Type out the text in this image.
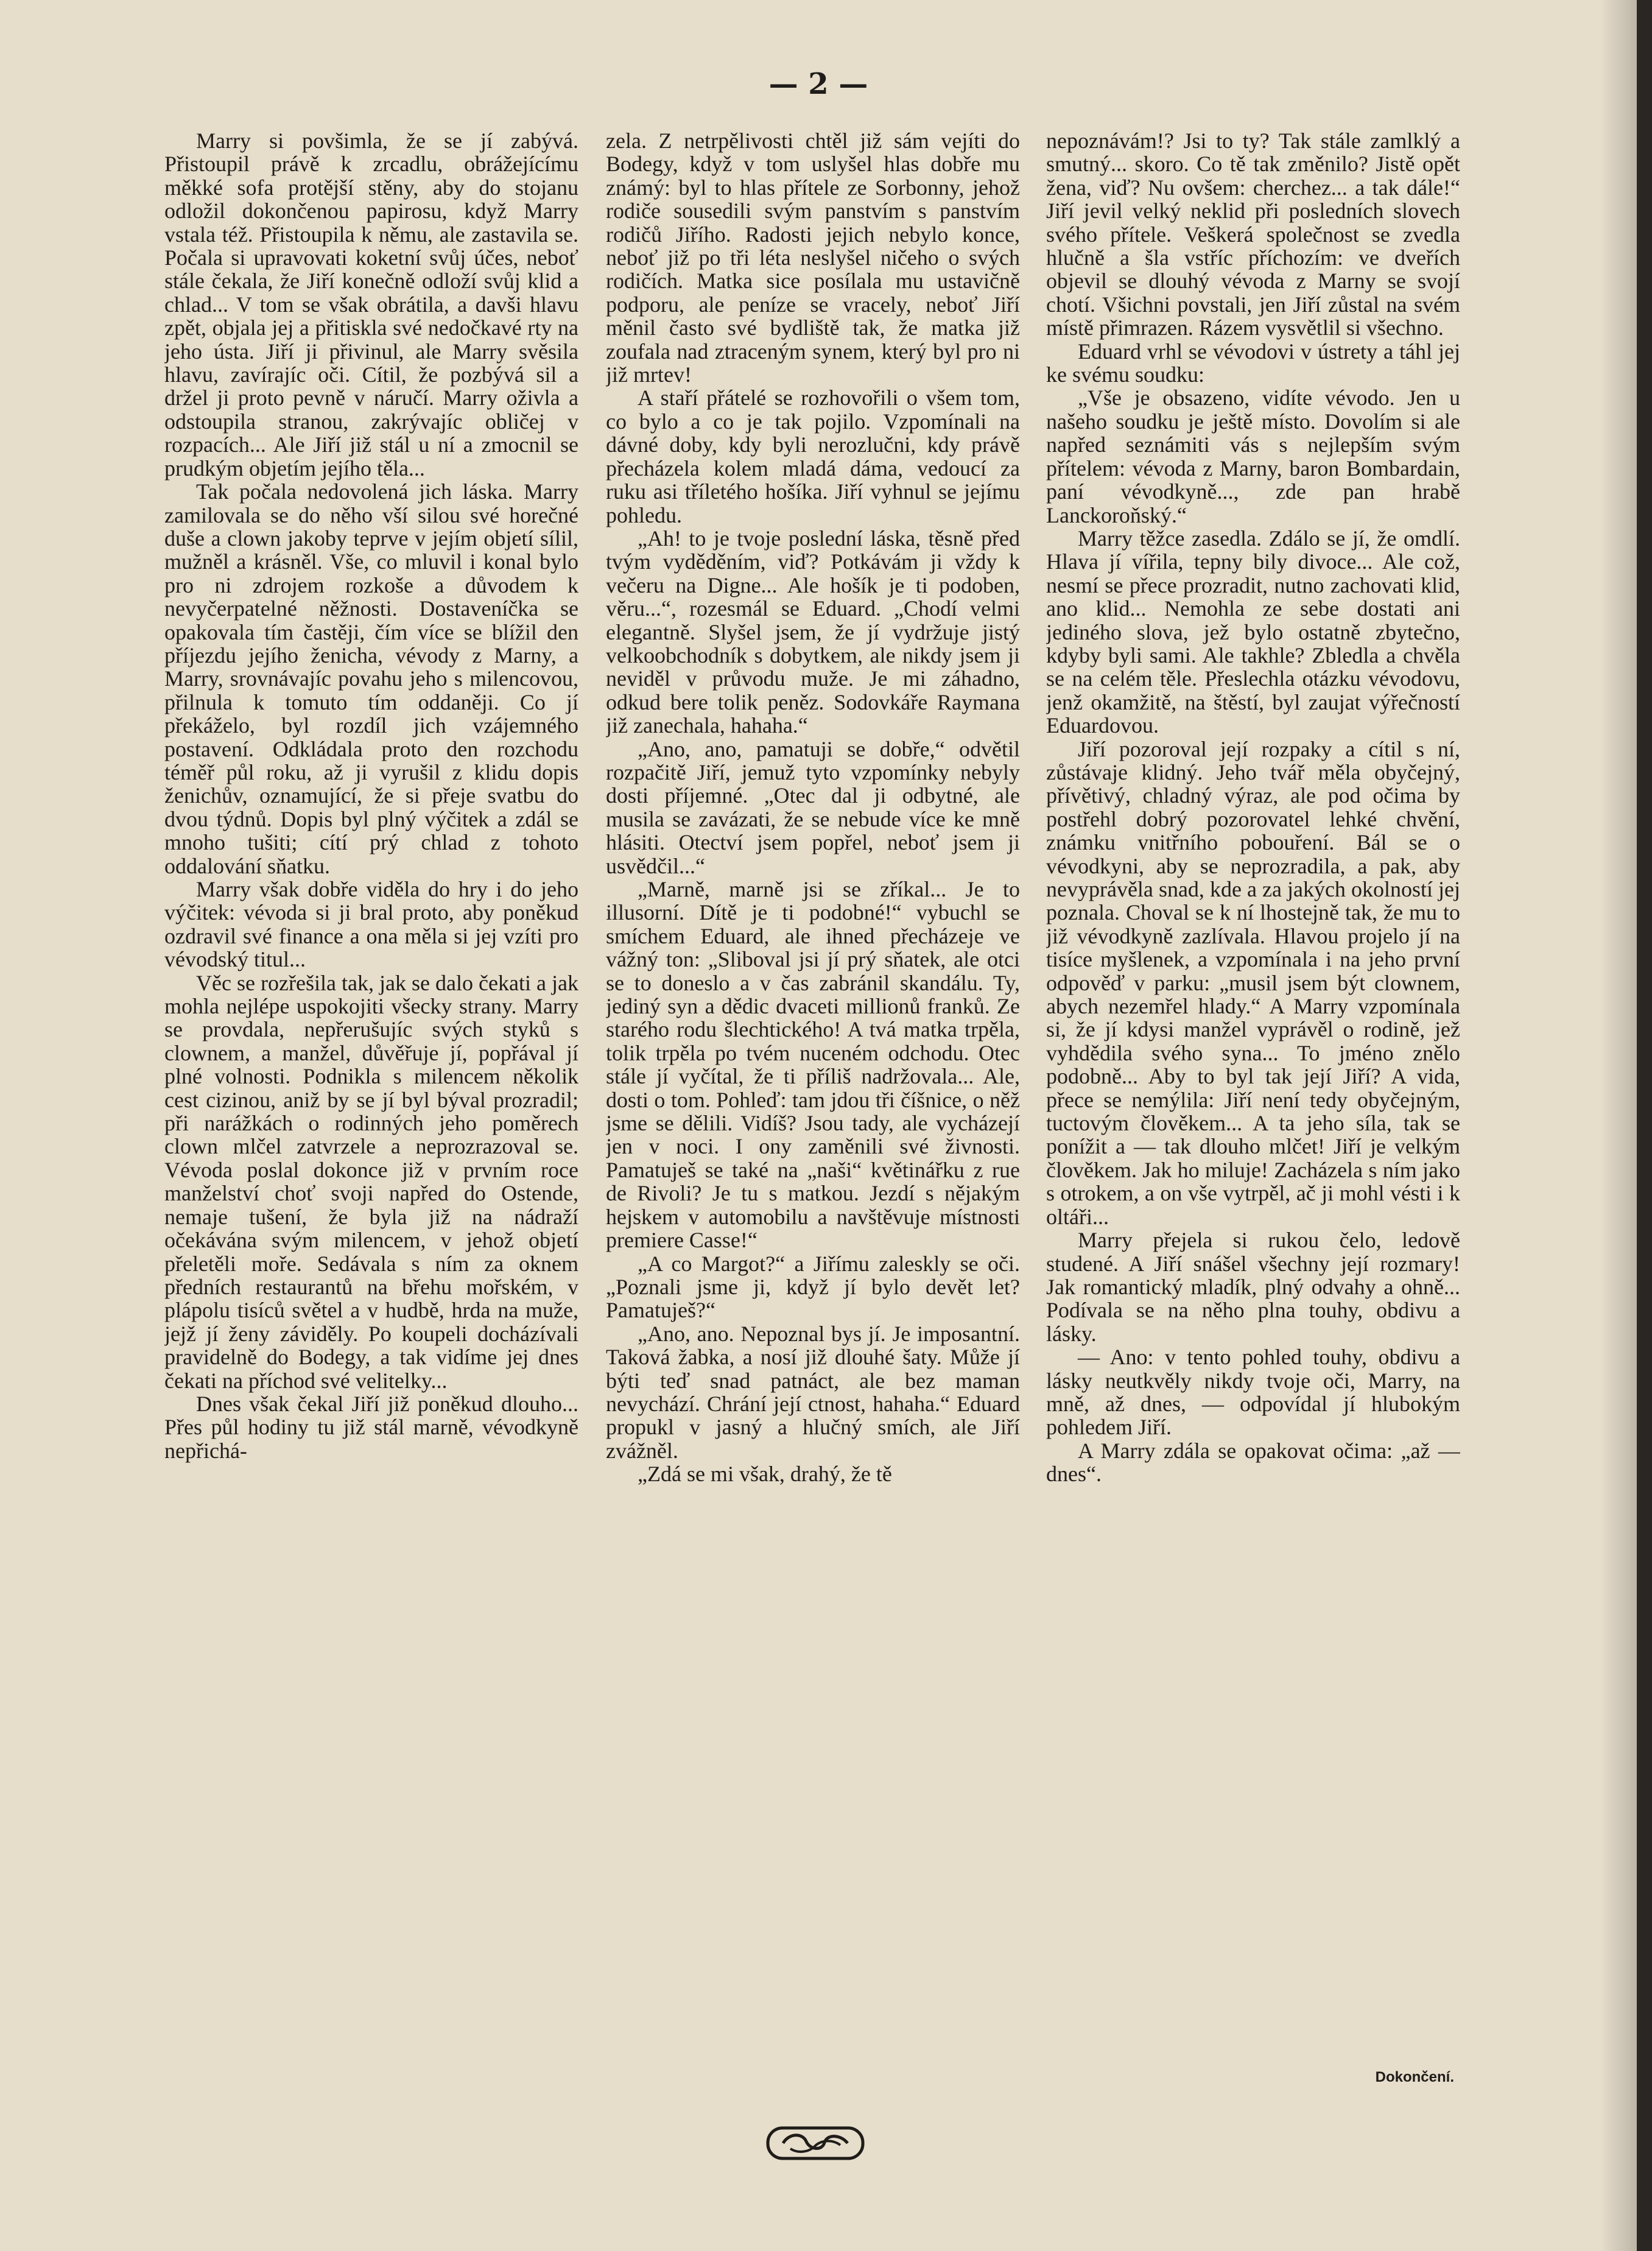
— 2 —

Marry si povšimla, že se jí zabývá. Přistoupil právě k zrcadlu, obrážejícímu měkké sofa protější stěny, aby do stojanu odložil dokončenou papirosu, když Marry vstala též. Přistoupila k němu, ale zastavila se. Počala si upravovati koketní svůj účes, neboť stále čekala, že Jiří konečně odloží svůj klid a chlad... V tom se však obrátila, a davši hlavu zpět, objala jej a přitiskla své nedočkavé rty na jeho ústa. Jiří ji přivinul, ale Marry svěsila hlavu, zavírajíc oči. Cítil, že pozbývá sil a držel ji proto pevně v náručí. Marry oživla a odstoupila stranou, zakrývajíc obličej v rozpacích... Ale Jiří již stál u ní a zmocnil se prudkým objetím jejího těla...

Tak počala nedovolená jich láska. Marry zamilovala se do něho vší silou své horečné duše a clown jakoby teprve v jejím objetí sílil, mužněl a krásněl. Vše, co mluvil i konal bylo pro ni zdrojem rozkoše a důvodem k nevyčerpatelné něžnosti. Dostaveníčka se opakovala tím častěji, čím více se blížil den příjezdu jejího ženicha, vévody z Marny, a Marry, srovnávajíc povahu jeho s milencovou, přilnula k tomuto tím oddaněji. Co jí překáželo, byl rozdíl jich vzájemného postavení. Odkládala proto den rozchodu téměř půl roku, až ji vyrušil z klidu dopis ženichův, oznamující, že si přeje svatbu do dvou týdnů. Dopis byl plný výčitek a zdál se mnoho tušiti; cítí prý chlad z tohoto oddalování sňatku.

Marry však dobře viděla do hry i do jeho výčitek: vévoda si ji bral proto, aby poněkud ozdravil své finance a ona měla si jej vzíti pro vévodský titul...

Věc se rozřešila tak, jak se dalo čekati a jak mohla nejlépe uspokojiti všecky strany. Marry se provdala, nepřerušujíc svých styků s clownem, a manžel, důvěřuje jí, popřával jí plné volnosti. Podnikla s milencem několik cest cizinou, aniž by se jí byl býval prozradil; při narážkách o rodinných jeho poměrech clown mlčel zatvrzele a neprozrazoval se. Vévoda poslal dokonce již v prvním roce manželství choť svoji napřed do Ostende, nemaje tušení, že byla již na nádraží očekávána svým milencem, v jehož objetí přeletěli moře. Sedávala s ním za oknem předních restaurantů na břehu mořském, v plápolu tisíců světel a v hudbě, hrda na muže, jejž jí ženy záviděly. Po koupeli docházívali pravidelně do Bodegy, a tak vidíme jej dnes čekati na příchod své velitelky...

Dnes však čekal Jiří již poněkud dlouho... Přes půl hodiny tu již stál marně, vévodkyně nepřichá-

zela. Z netrpělivosti chtěl již sám vejíti do Bodegy, když v tom uslyšel hlas dobře mu známý: byl to hlas přítele ze Sorbonny, jehož rodiče sousedili svým panstvím s panstvím rodičů Jiřího. Radosti jejich nebylo konce, neboť již po tři léta neslyšel ničeho o svých rodičích. Matka sice posílala mu ustavičně podporu, ale peníze se vracely, neboť Jiří měnil často své bydliště tak, že matka již zoufala nad ztraceným synem, který byl pro ni již mrtev!

A staří přátelé se rozhovořili o všem tom, co bylo a co je tak pojilo. Vzpomínali na dávné doby, kdy byli nerozlučni, kdy právě přecházela kolem mladá dáma, vedoucí za ruku asi tříletého hošíka. Jiří vyhnul se jejímu pohledu.

„Ah! to je tvoje poslední láska, těsně před tvým vyděděním, viď? Potkávám ji vždy k večeru na Digne... Ale hošík je ti podoben, věru...“, rozesmál se Eduard. „Chodí velmi elegantně. Slyšel jsem, že jí vydržuje jistý velkoobchodník s dobytkem, ale nikdy jsem ji neviděl v průvodu muže. Je mi záhadno, odkud bere tolik peněz. Sodovkáře Raymana již zanechala, hahaha.“

„Ano, ano, pamatuji se dobře,“ odvětil rozpačitě Jiří, jemuž tyto vzpomínky nebyly dosti příjemné. „Otec dal ji odbytné, ale musila se zavázati, že se nebude více ke mně hlásiti. Otectví jsem popřel, neboť jsem ji usvědčil...“

„Marně, marně jsi se zříkal... Je to illusorní. Dítě je ti podobné!“ vybuchl se smíchem Eduard, ale ihned přecházeje ve vážný ton: „Sliboval jsi jí prý sňatek, ale otci se to doneslo a v čas zabránil skandálu. Ty, jediný syn a dědic dvaceti millionů franků. Ze starého rodu šlechtického! A tvá matka trpěla, tolik trpěla po tvém nuceném odchodu. Otec stále jí vyčítal, že ti příliš nadržovala... Ale, dosti o tom. Pohleď: tam jdou tři číšnice, o něž jsme se dělili. Vidíš? Jsou tady, ale vycházejí jen v noci. I ony zaměnili své živnosti. Pamatuješ se také na „naši“ květinářku z rue de Rivoli? Je tu s matkou. Jezdí s nějakým hejskem v automobilu a navštěvuje místnosti premiere Casse!“

„A co Margot?“ a Jiřímu zaleskly se oči. „Poznali jsme ji, když jí bylo devět let? Pamatuješ?“

„Ano, ano. Nepoznal bys jí. Je imposantní. Taková žabka, a nosí již dlouhé šaty. Může jí býti teď snad patnáct, ale bez maman nevychází. Chrání její ctnost, hahaha.“ Eduard propukl v jasný a hlučný smích, ale Jiří zvážněl.

„Zdá se mi však, drahý, že tě

nepoznávám!? Jsi to ty? Tak stále zamlklý a smutný... skoro. Co tě tak změnilo? Jistě opět žena, viď? Nu ovšem: cherchez... a tak dále!“ Jiří jevil velký neklid při posledních slovech svého přítele. Veškerá společnost se zvedla hlučně a šla vstříc příchozím: ve dveřích objevil se dlouhý vévoda z Marny se svojí chotí. Všichni povstali, jen Jiří zůstal na svém místě přimrazen. Rázem vysvětlil si všechno.

Eduard vrhl se vévodovi v ústrety a táhl jej ke svému soudku:

„Vše je obsazeno, vidíte vévodo. Jen u našeho soudku je ještě místo. Dovolím si ale napřed seznámiti vás s nejlepším svým přítelem: vévoda z Marny, baron Bombardain, paní vévodkyně..., zde pan hrabě Lanckoroňský.“

Marry těžce zasedla. Zdálo se jí, že omdlí. Hlava jí vířila, tepny bily divoce... Ale což, nesmí se přece prozradit, nutno zachovati klid, ano klid... Nemohla ze sebe dostati ani jediného slova, jež bylo ostatně zbytečno, kdyby byli sami. Ale takhle? Zbledla a chvěla se na celém těle. Přeslechla otázku vévodovu, jenž okamžitě, na štěstí, byl zaujat výřečností Eduardovou.

Jiří pozoroval její rozpaky a cítil s ní, zůstávaje klidný. Jeho tvář měla obyčejný, přívětivý, chladný výraz, ale pod očima by postřehl dobrý pozorovatel lehké chvění, známku vnitřního pobouření. Bál se o vévodkyni, aby se neprozradila, a pak, aby nevyprávěla snad, kde a za jakých okolností jej poznala. Choval se k ní lhostejně tak, že mu to již vévodkyně zazlívala. Hlavou projelo jí na tisíce myšlenek, a vzpomínala i na jeho první odpověď v parku: „musil jsem být clownem, abych nezemřel hlady.“ A Marry vzpomínala si, že jí kdysi manžel vyprávěl o rodině, jež vyhdědila svého syna... To jméno znělo podobně... Aby to byl tak její Jiří? A vida, přece se nemýlila: Jiří není tedy obyčejným, tuctovým člověkem... A ta jeho síla, tak se ponížit a — tak dlouho mlčet! Jiří je velkým člověkem. Jak ho miluje! Zacházela s ním jako s otrokem, a on vše vytrpěl, ač ji mohl vésti i k oltáři...

Marry přejela si rukou čelo, ledově studené. A Jiří snášel všechny její rozmary! Jak romantický mladík, plný odvahy a ohně... Podívala se na něho plna touhy, obdivu a lásky.

— Ano: v tento pohled touhy, obdivu a lásky neutkvěly nikdy tvoje oči, Marry, na mně, až dnes, — odpovídal jí hlubokým pohledem Jiří.

A Marry zdála se opakovat očima: „až — dnes“.

Dokončení.
